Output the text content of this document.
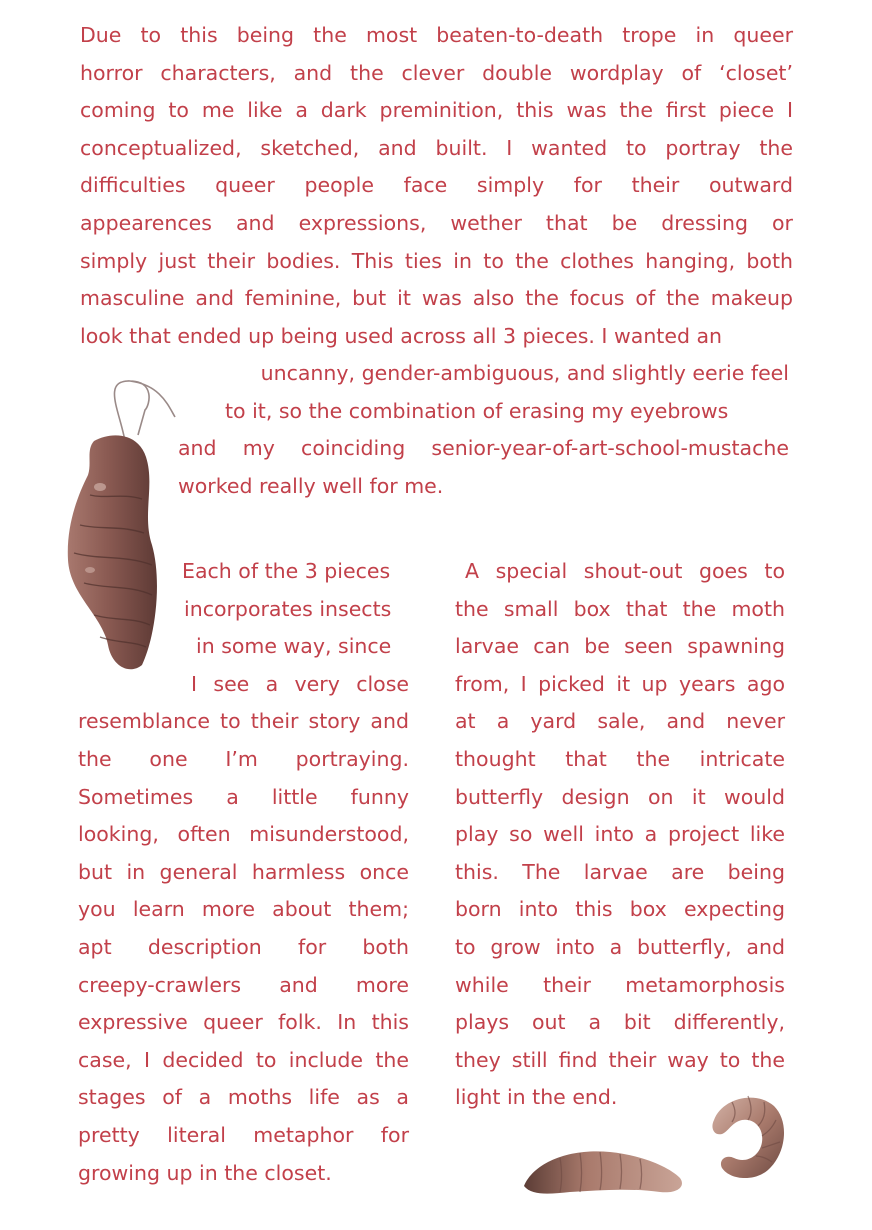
Due to this being the most beaten-to-death trope in queer
horror characters, and the clever double wordplay of ‘closet’
coming to me like a dark preminition, this was the first piece I
conceptualized, sketched, and built. I wanted to portray the
difficulties queer people face simply for their outward
appearences and expressions, wether that be dressing or
simply just their bodies. This ties in to the clothes hanging, both
masculine and feminine, but it was also the focus of the makeup
look that ended up being used across all 3 pieces. I wanted an
uncanny, gender-ambiguous, and slightly eerie feel
to it, so the combination of erasing my eyebrows
and my coinciding senior-year-of-art-school-mustache
worked really well for me.
Each of the 3 pieces
incorporates insects
in some way, since
I see a very close
resemblance to their story and
the one I’m portraying.
Sometimes a little funny
looking, often misunderstood,
but in general harmless once
you learn more about them;
apt description for both
creepy-crawlers and more
expressive queer folk. In this
case, I decided to include the
stages of a moths life as a
pretty literal metaphor for
growing up in the closet.
A special shout-out goes to
the small box that the moth
larvae can be seen spawning
from, I picked it up years ago
at a yard sale, and never
thought that the intricate
butterfly design on it would
play so well into a project like
this. The larvae are being
born into this box expecting
to grow into a butterfly, and
while their metamorphosis
plays out a bit differently,
they still find their way to the
light in the end.
